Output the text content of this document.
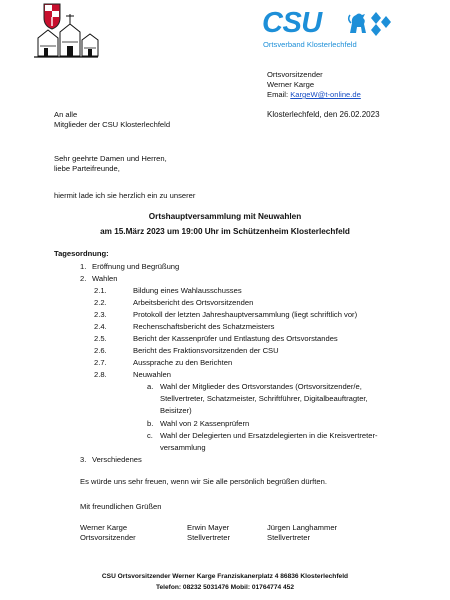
CSU
Ortsverband Klosterlechfeld
Ortsvorsitzender
Werner Karge
Email: KargeW@t-online.de
An alle
Mitglieder der CSU Klosterlechfeld
Klosterlechfeld, den 26.02.2023
Sehr geehrte Damen und Herren,
liebe Parteifreunde,
hiermit lade ich sie herzlich ein zu unserer
Ortshauptversammlung mit Neuwahlen
am 15.März 2023 um 19:00 Uhr im Schützenheim Klosterlechfeld
Tagesordnung:
1. Eröffnung und Begrüßung
2. Wahlen
2.1.	Bildung eines Wahlausschusses
2.2.	Arbeitsbericht des Ortsvorsitzenden
2.3.	Protokoll der letzten Jahreshauptversammlung (liegt schriftlich vor)
2.4.	Rechenschaftsbericht des Schatzmeisters
2.5.	Bericht der Kassenprüfer und Entlastung des Ortsvorstandes
2.6.	Bericht des Fraktionsvorsitzenden der CSU
2.7.	Aussprache zu den Berichten
2.8.	Neuwahlen
a. Wahl der Mitglieder des Ortsvorstandes (Ortsvorsitzender/e,
Stellvertreter, Schatzmeister, Schriftführer, Digitalbeauftragter,
Beisitzer)
b. Wahl von 2 Kassenprüfern
c. Wahl der Delegierten und Ersatzdelegierten in die Kreisvertreter-
versammlung
3. Verschiedenes
Es würde uns sehr freuen, wenn wir Sie alle persönlich begrüßen dürften.
Mit freundlichen Grüßen
Werner Karge
Ortsvorsitzender
Erwin Mayer
Stellvertreter
Jürgen Langhammer
Stellvertreter
CSU Ortsvorsitzender Werner Karge Franziskanerplatz 4 86836 Klosterlechfeld
Telefon: 08232 5031476 Mobil: 01764774 452
